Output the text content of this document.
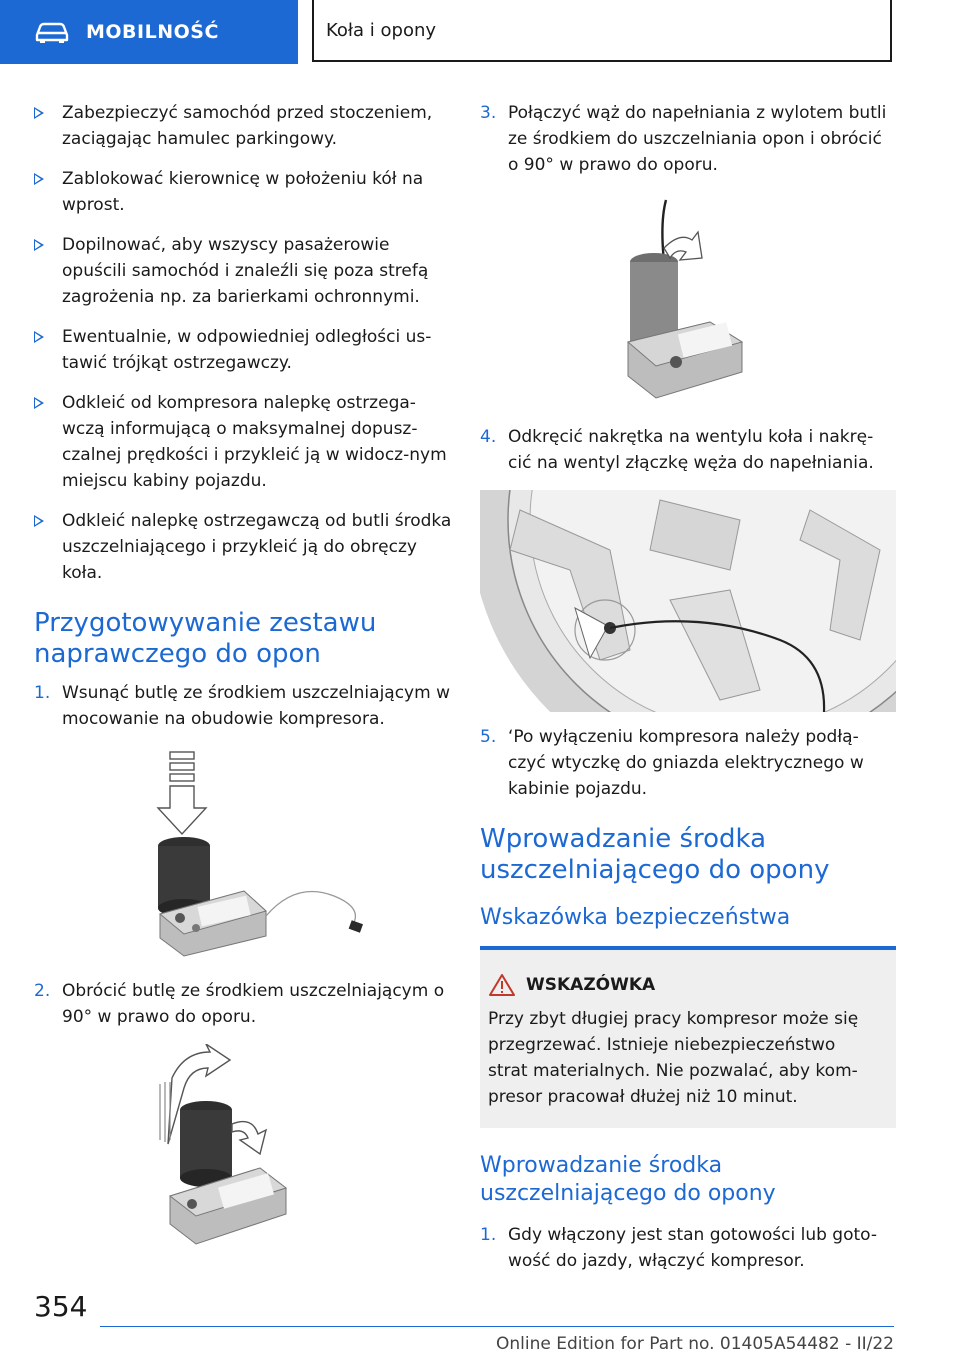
MOBILNOŚĆ	Koła i opony
Zabezpieczyć samochód przed stoczeniem, zaciągając hamulec parkingowy.
Zablokować kierownicę w położeniu kół na wprost.
Dopilnować, aby wszyscy pasażerowie opuścili samochód i znaleźli się poza strefą zagrożenia np. za barierkami ochronnymi.
Ewentualnie, w odpowiedniej odległości us-tawić trójkąt ostrzegawczy.
Odkleić od kompresora nalepkę ostrzega-wczą informującą o maksymalnej dopusz-czalnej prędkości i przykleić ją w widocz-nym miejscu kabiny pojazdu.
Odkleić nalepkę ostrzegawczą od butli środka uszczelniającego i przykleić ją do obręczy koła.
Przygotowywanie zestawu naprawczego do opon
1. Wsunąć butlę ze środkiem uszczelniającym w mocowanie na obudowie kompresora.
2. Obrócić butlę ze środkiem uszczelniającym o 90° w prawo do oporu.
3. Połączyć wąż do napełniania z wylotem butli ze środkiem do uszczelniania opon i obrócić o 90° w prawo do oporu.
4. Odkręcić nakrętka na wentylu koła i nakrę-cić na wentyl złączkę węża do napełniania.
5. ‘Po wyłączeniu kompresora należy podłą-czyć wtyczkę do gniazda elektrycznego w kabinie pojazdu.
Wprowadzanie środka uszczelniającego do opony
Wskazówka bezpieczeństwa
WSKAZÓWKA
Przy zbyt długiej pracy kompresor może się przegrzewać. Istnieje niebezpieczeństwo strat materialnych. Nie pozwalać, aby kom-presor pracował dłużej niż 10 minut.
Wprowadzanie środka uszczelniającego do opony
1. Gdy włączony jest stan gotowości lub goto-wość do jazdy, włączyć kompresor.
354
Online Edition for Part no. 01405A54482 - II/22
